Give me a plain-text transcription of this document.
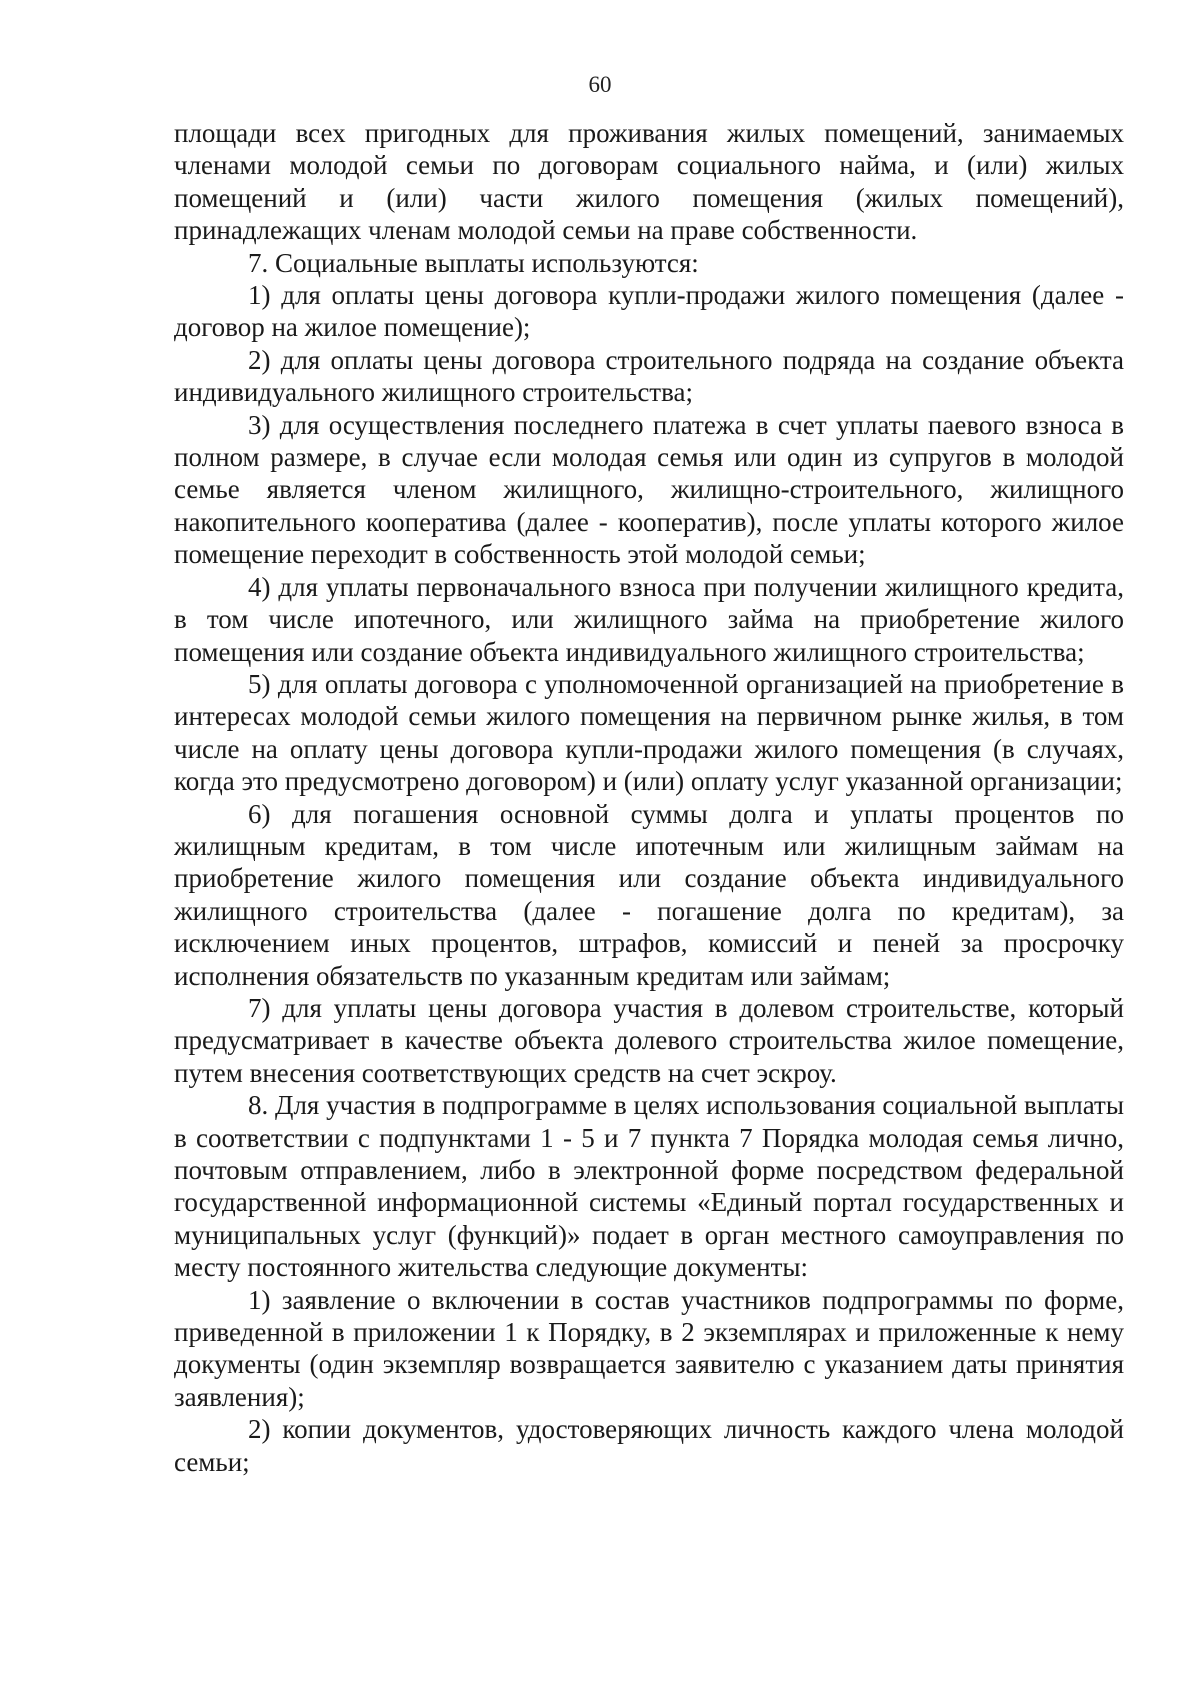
60

площади всех пригодных для проживания жилых помещений, занимаемых членами молодой семьи по договорам социального найма, и (или) жилых помещений и (или) части жилого помещения (жилых помещений), принадлежащих членам молодой семьи на праве собственности.

7. Социальные выплаты используются:

1) для оплаты цены договора купли-продажи жилого помещения (далее - договор на жилое помещение);

2) для оплаты цены договора строительного подряда на создание объекта индивидуального жилищного строительства;

3) для осуществления последнего платежа в счет уплаты паевого взноса в полном размере, в случае если молодая семья или один из супругов в молодой семье является членом жилищного, жилищно-строительного, жилищного накопительного кооператива (далее - кооператив), после уплаты которого жилое помещение переходит в собственность этой молодой семьи;

4) для уплаты первоначального взноса при получении жилищного кредита, в том числе ипотечного, или жилищного займа на приобретение жилого помещения или создание объекта индивидуального жилищного строительства;

5) для оплаты договора с уполномоченной организацией на приобретение в интересах молодой семьи жилого помещения на первичном рынке жилья, в том числе на оплату цены договора купли-продажи жилого помещения (в случаях, когда это предусмотрено договором) и (или) оплату услуг указанной организации;

6) для погашения основной суммы долга и уплаты процентов по жилищным кредитам, в том числе ипотечным или жилищным займам на приобретение жилого помещения или создание объекта индивидуального жилищного строительства (далее - погашение долга по кредитам), за исключением иных процентов, штрафов, комиссий и пеней за просрочку исполнения обязательств по указанным кредитам или займам;

7) для уплаты цены договора участия в долевом строительстве, который предусматривает в качестве объекта долевого строительства жилое помещение, путем внесения соответствующих средств на счет эскроу.

8. Для участия в подпрограмме в целях использования социальной выплаты в соответствии с подпунктами 1 - 5 и 7 пункта 7 Порядка молодая семья лично, почтовым отправлением, либо в электронной форме посредством федеральной государственной информационной системы «Единый портал государственных и муниципальных услуг (функций)» подает в орган местного самоуправления по месту постоянного жительства следующие документы:

1) заявление о включении в состав участников подпрограммы по форме, приведенной в приложении 1 к Порядку, в 2 экземплярах и приложенные к нему документы (один экземпляр возвращается заявителю с указанием даты принятия заявления);

2) копии документов, удостоверяющих личность каждого члена молодой семьи;
